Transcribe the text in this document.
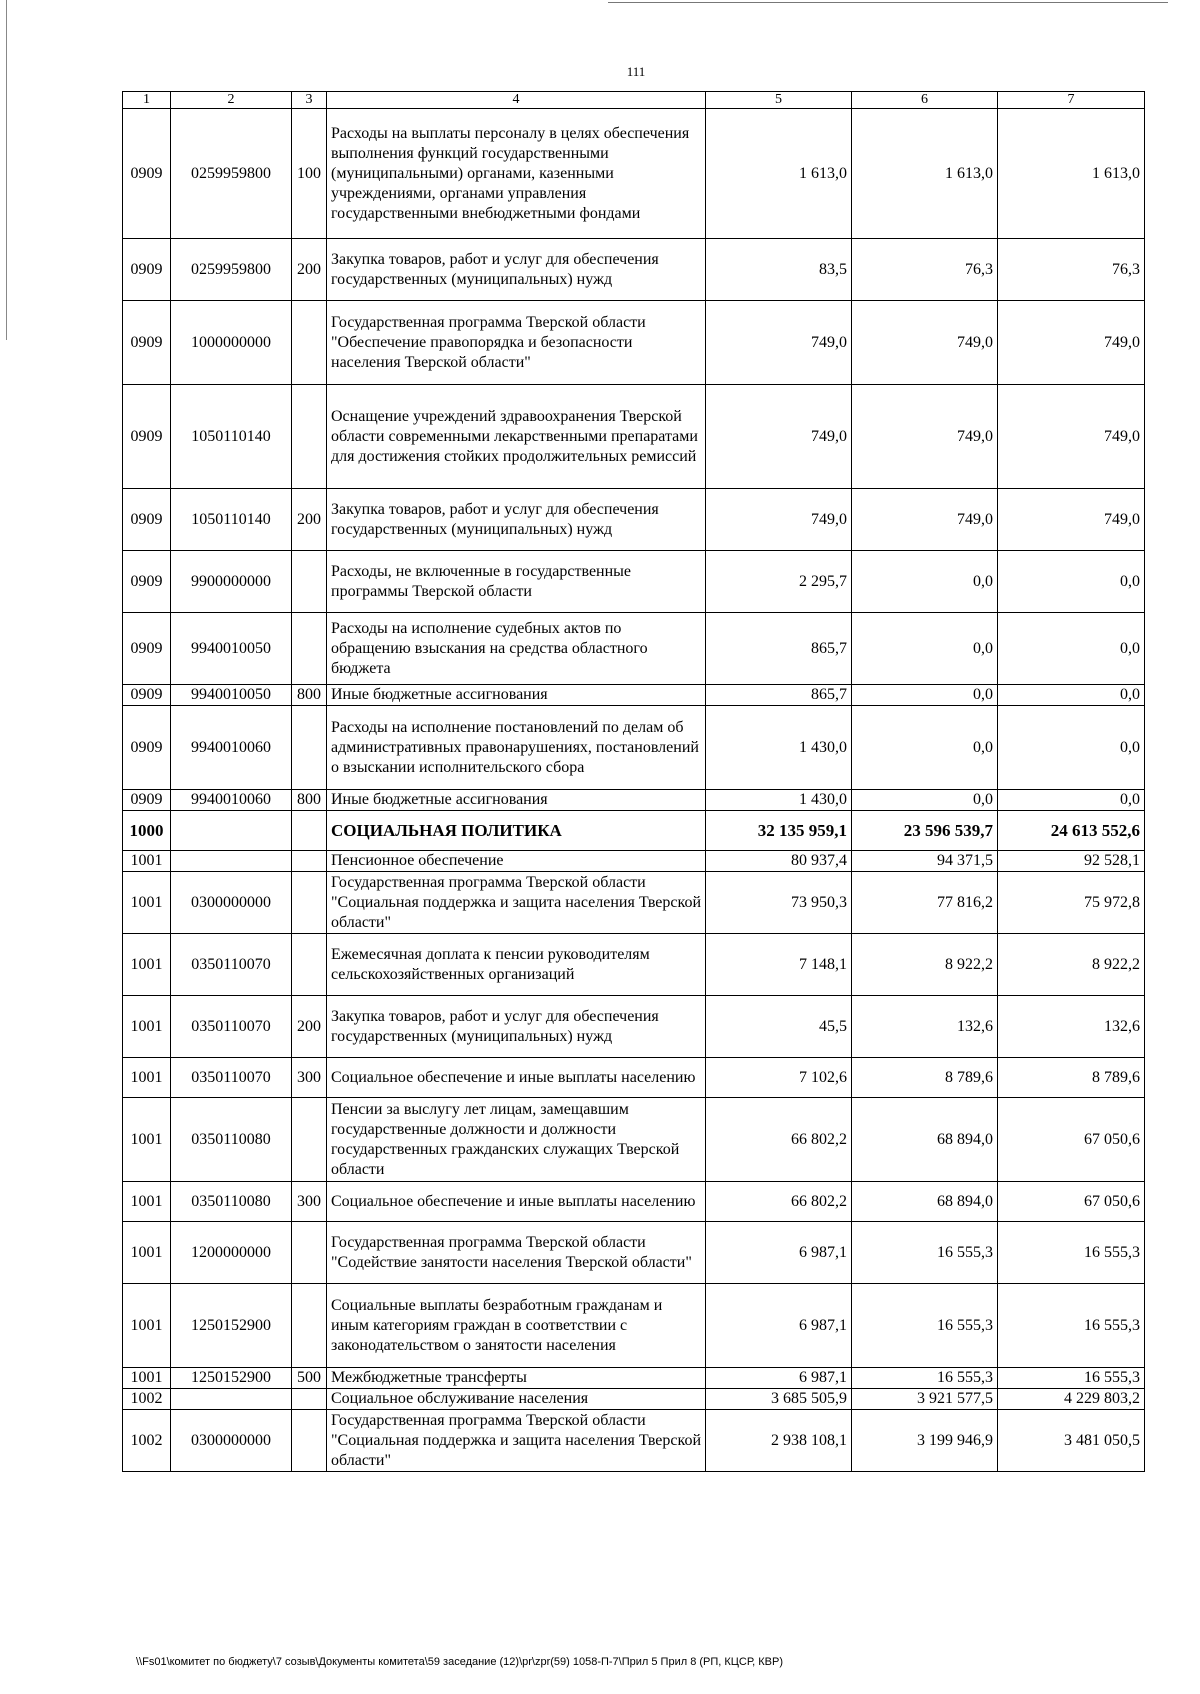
111
1	2	3	4	5	6	7
0909	0259959800	100	Расходы на выплаты персоналу в целях обеспечения выполнения функций государственными (муниципальными) органами, казенными учреждениями, органами управления государственными внебюджетными фондами	1 613,0	1 613,0	1 613,0
0909	0259959800	200	Закупка товаров, работ и услуг для обеспечения государственных (муниципальных) нужд	83,5	76,3	76,3
0909	1000000000		Государственная программа Тверской области "Обеспечение правопорядка и безопасности населения Тверской области"	749,0	749,0	749,0
0909	1050110140		Оснащение учреждений здравоохранения Тверской области современными лекарственными препаратами для достижения стойких продолжительных ремиссий	749,0	749,0	749,0
0909	1050110140	200	Закупка товаров, работ и услуг для обеспечения государственных (муниципальных) нужд	749,0	749,0	749,0
0909	9900000000		Расходы, не включенные в государственные программы Тверской области	2 295,7	0,0	0,0
0909	9940010050		Расходы на исполнение судебных актов по обращению взыскания на средства областного бюджета	865,7	0,0	0,0
0909	9940010050	800	Иные бюджетные ассигнования	865,7	0,0	0,0
0909	9940010060		Расходы на исполнение постановлений по делам об административных правонарушениях, постановлений о взыскании исполнительского сбора	1 430,0	0,0	0,0
0909	9940010060	800	Иные бюджетные ассигнования	1 430,0	0,0	0,0
1000			СОЦИАЛЬНАЯ ПОЛИТИКА	32 135 959,1	23 596 539,7	24 613 552,6
1001			Пенсионное обеспечение	80 937,4	94 371,5	92 528,1
1001	0300000000		Государственная программа Тверской области "Социальная поддержка и защита населения Тверской области"	73 950,3	77 816,2	75 972,8
1001	0350110070		Ежемесячная доплата к пенсии руководителям сельскохозяйственных организаций	7 148,1	8 922,2	8 922,2
1001	0350110070	200	Закупка товаров, работ и услуг для обеспечения государственных (муниципальных) нужд	45,5	132,6	132,6
1001	0350110070	300	Социальное обеспечение и иные выплаты населению	7 102,6	8 789,6	8 789,6
1001	0350110080		Пенсии за выслугу лет лицам, замещавшим государственные должности и должности государственных гражданских служащих Тверской области	66 802,2	68 894,0	67 050,6
1001	0350110080	300	Социальное обеспечение и иные выплаты населению	66 802,2	68 894,0	67 050,6
1001	1200000000		Государственная программа Тверской области "Содействие занятости населения Тверской области"	6 987,1	16 555,3	16 555,3
1001	1250152900		Социальные выплаты безработным гражданам и иным категориям граждан в соответствии с законодательством о занятости населения	6 987,1	16 555,3	16 555,3
1001	1250152900	500	Межбюджетные трансферты	6 987,1	16 555,3	16 555,3
1002			Социальное обслуживание населения	3 685 505,9	3 921 577,5	4 229 803,2
1002	0300000000		Государственная программа Тверской области "Социальная поддержка и защита населения Тверской области"	2 938 108,1	3 199 946,9	3 481 050,5
\\Fs01\комитет по бюджету\7 созыв\Документы комитета\59 заседание (12)\pr\zpr(59) 1058-П-7\Прил 5 Прил 8 (РП, КЦСР, КВР)
